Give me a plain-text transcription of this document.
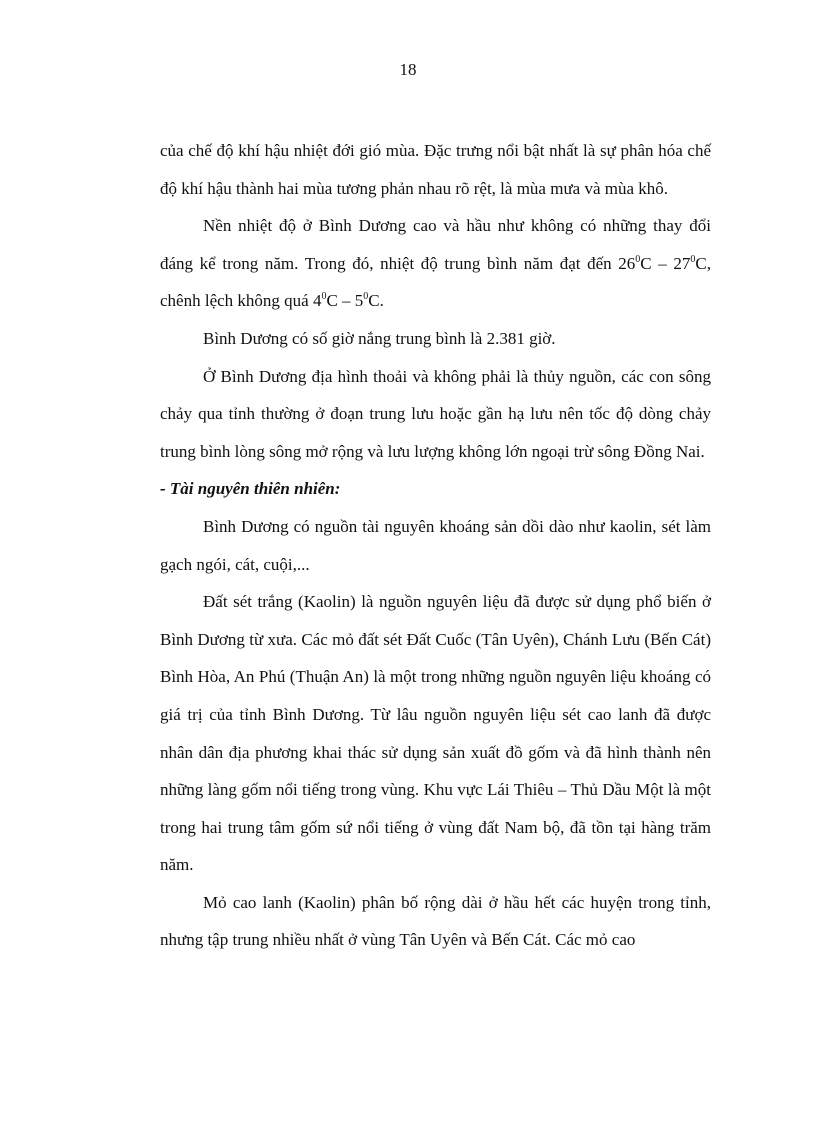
18

của chế độ khí hậu nhiệt đới gió mùa. Đặc trưng nổi bật nhất là sự phân hóa chế độ khí hậu thành hai mùa tương phản nhau rõ rệt, là mùa mưa và mùa khô.

Nền nhiệt độ ở Bình Dương cao và hầu như không có những thay đổi đáng kể trong năm. Trong đó, nhiệt độ trung bình năm đạt đến $26^0C - 27^0C$, chênh lệch không quá $4^0C - 5^0C$.

Bình Dương có số giờ nắng trung bình là 2.381 giờ.

Ở Bình Dương địa hình thoải và không phải là thủy nguồn, các con sông chảy qua tỉnh thường ở đoạn trung lưu hoặc gần hạ lưu nên tốc độ dòng chảy trung bình lòng sông mở rộng và lưu lượng không lớn ngoại trừ sông Đồng Nai.

- Tài nguyên thiên nhiên:

Bình Dương có nguồn tài nguyên khoáng sản dồi dào như kaolin, sét làm gạch ngói, cát, cuội,...

Đất sét trắng (Kaolin) là nguồn nguyên liệu đã được sử dụng phổ biến ở Bình Dương từ xưa. Các mỏ đất sét Đất Cuốc (Tân Uyên), Chánh Lưu (Bến Cát) Bình Hòa, An Phú (Thuận An) là một trong những nguồn nguyên liệu khoáng có giá trị của tỉnh Bình Dương. Từ lâu nguồn nguyên liệu sét cao lanh đã được nhân dân địa phương khai thác sử dụng sản xuất đồ gốm và đã hình thành nên những làng gốm nổi tiếng trong vùng. Khu vực Lái Thiêu – Thủ Dầu Một là một trong hai trung tâm gốm sứ nổi tiếng ở vùng đất Nam bộ, đã tồn tại hàng trăm năm.

Mỏ cao lanh (Kaolin) phân bố rộng dài ở hầu hết các huyện trong tỉnh, nhưng tập trung nhiều nhất ở vùng Tân Uyên và Bến Cát. Các mỏ cao
